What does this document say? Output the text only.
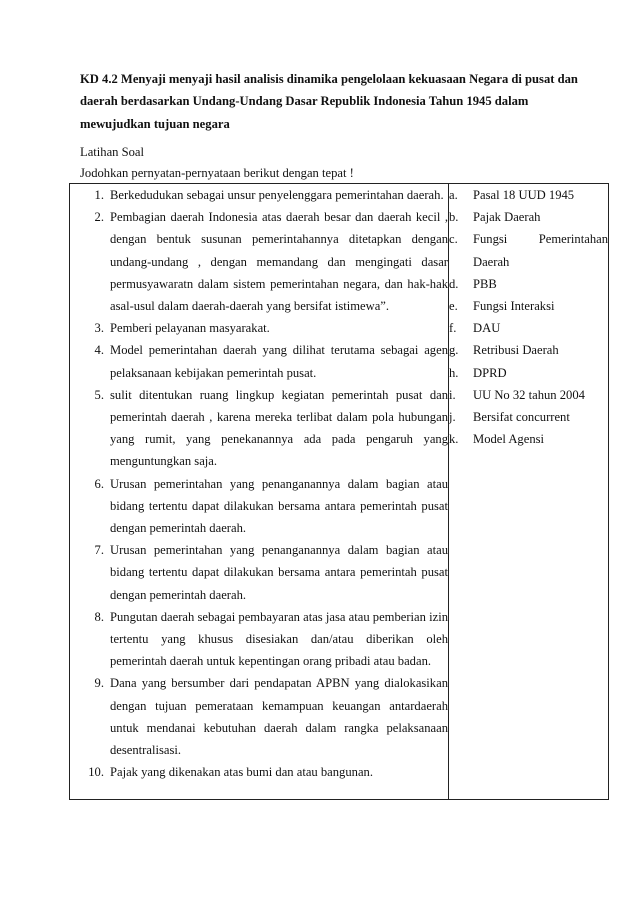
KD 4.2 Menyaji menyaji hasil analisis dinamika pengelolaan kekuasaan Negara di pusat dan daerah berdasarkan Undang-Undang Dasar Republik Indonesia Tahun 1945 dalam mewujudkan tujuan negara
Latihan Soal
Jodohkan pernyatan-pernyataan berikut dengan tepat !
1. Berkedudukan sebagai unsur penyelenggara pemerintahan daerah.
2. Pembagian daerah Indonesia atas daerah besar dan daerah kecil , dengan bentuk susunan pemerintahannya ditetapkan dengan undang-undang , dengan memandang dan mengingati dasar permusyawaratn dalam sistem pemerintahan negara, dan hak-hak asal-usul dalam daerah-daerah yang bersifat istimewa”.
3. Pemberi pelayanan masyarakat.
4. Model pemerintahan daerah yang dilihat terutama sebagai agen pelaksanaan kebijakan pemerintah pusat.
5. sulit ditentukan ruang lingkup kegiatan pemerintah pusat dan pemerintah daerah , karena mereka terlibat dalam pola hubungan yang rumit, yang penekanannya ada pada pengaruh yang menguntungkan saja.
6. Urusan pemerintahan yang penanganannya dalam bagian atau bidang tertentu dapat dilakukan bersama antara pemerintah pusat dengan pemerintah daerah.
7. Urusan pemerintahan yang penanganannya dalam bagian atau bidang tertentu dapat dilakukan bersama antara pemerintah pusat dengan pemerintah daerah.
8. Pungutan daerah sebagai pembayaran atas jasa atau pemberian izin tertentu yang khusus disesiakan dan/atau diberikan oleh pemerintah daerah untuk kepentingan orang pribadi atau badan.
9. Dana yang bersumber dari pendapatan APBN yang dialokasikan dengan tujuan pemerataan kemampuan keuangan antardaerah untuk mendanai kebutuhan daerah dalam rangka pelaksanaan desentralisasi.
10. Pajak yang dikenakan atas bumi dan atau bangunan.

a.	Pasal 18 UUD 1945
b.	Pajak Daerah
c.	Fungsi Pemerintahan Daerah
d.	PBB
e.	Fungsi Interaksi
f.	DAU
g.	Retribusi Daerah
h.	DPRD
i.	UU No 32 tahun 2004
j.	Bersifat concurrent
k.	Model Agensi
